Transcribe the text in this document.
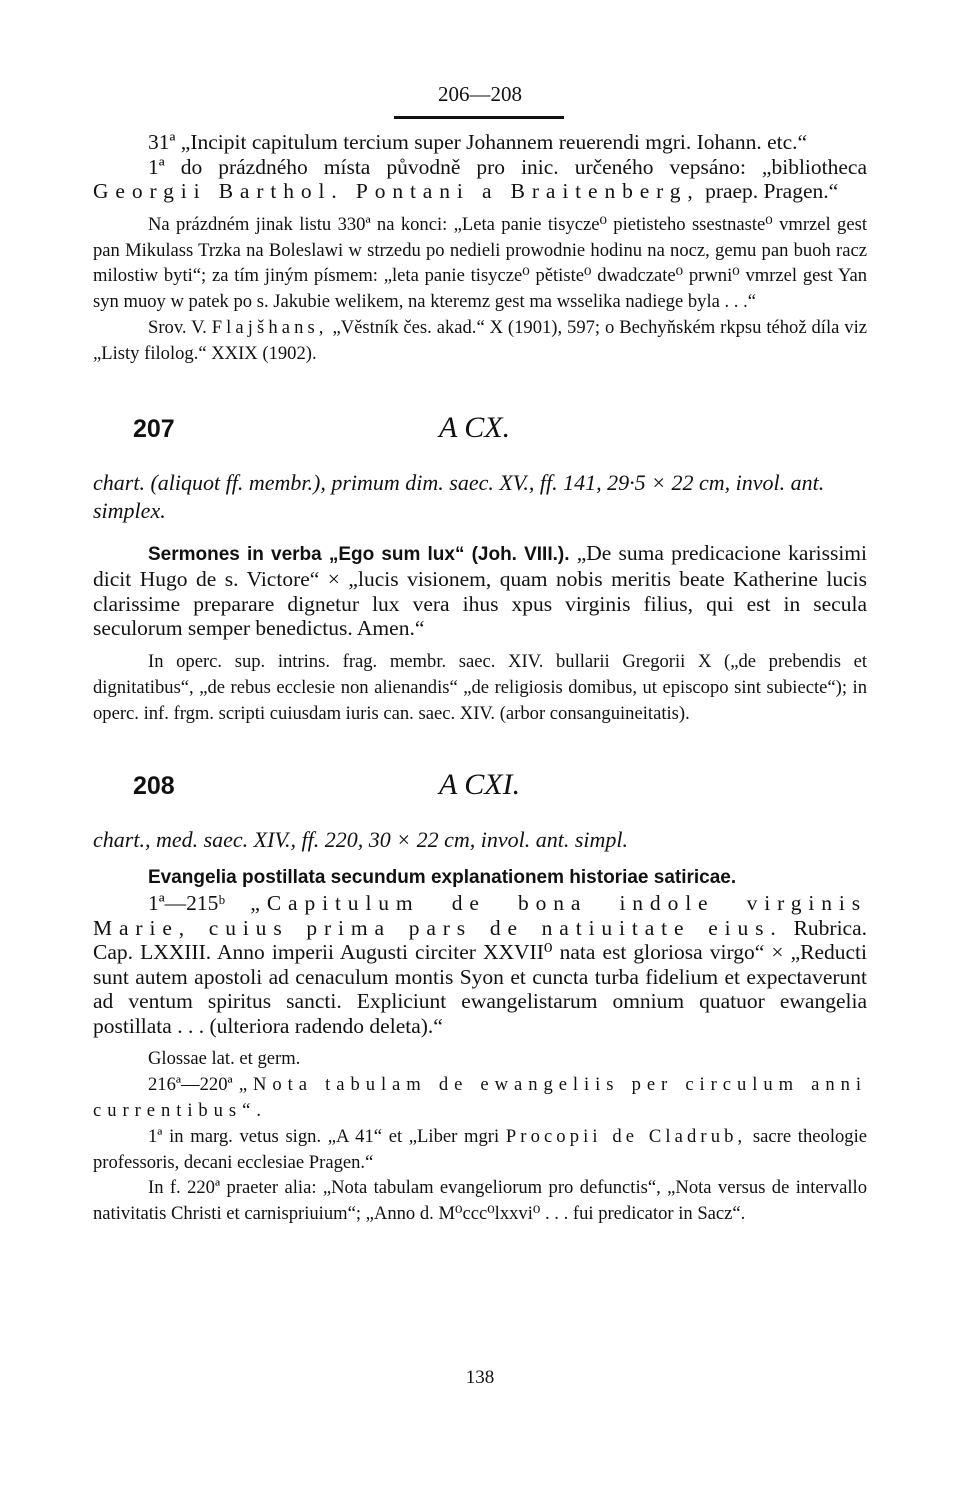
206—208

31ª „Incipit capitulum tercium super Johannem reuerendi mgri. Iohann. etc.“

1ª do prázdného místa původně pro inic. určeného vepsáno: „bibliotheca Georgii Barthol. Pontani a Braitenberg, praep. Pragen.“

Na prázdném jinak listu 330ª na konci: „Leta panie tisycze⁰ pietisteho ssestnaste⁰ vmrzel gest pan Mikulass Trzka na Boleslawi w strzedu po nedieli prowodnie hodinu na nocz, gemu pan buoh racz milostiw byti“; za tím jiným písmem: „leta panie tisycze⁰ pětiste⁰ dwadczate⁰ prwni⁰ vmrzel gest Yan syn muoy w patek po s. Jakubie welikem, na kteremz gest ma wsselika nadiege byla . . .“

Srov. V. Flajšhans, „Věstník čes. akad.“ X (1901), 597; o Bechyňském rkpsu téhož díla viz „Listy filolog.“ XXIX (1902).

207	A CX.

chart. (aliquot ff. membr.), primum dim. saec. XV., ff. 141, 29·5 × 22 cm, invol. ant. simplex.

Sermones in verba „Ego sum lux“ (Joh. VIII.). „De suma predicacione karissimi dicit Hugo de s. Victore“ × „lucis visionem, quam nobis meritis beate Katherine lucis clarissime preparare dignetur lux vera ihus xpus virginis filius, qui est in secula seculorum semper benedictus. Amen.“

In operc. sup. intrins. frag. membr. saec. XIV. bullarii Gregorii X („de prebendis et dignitatibus“, „de rebus ecclesie non alienandis“ „de religiosis domibus, ut episcopo sint subiecte“); in operc. inf. frgm. scripti cuiusdam iuris can. saec. XIV. (arbor consanguineitatis).

208	A CXI.

chart., med. saec. XIV., ff. 220, 30 × 22 cm, invol. ant. simpl.

Evangelia postillata secundum explanationem historiae satiricae.

1ª—215ᵇ „Capitulum de bona indole virginis Marie, cuius prima pars de natiuitate eius. Rubrica. Cap. LXXIII. Anno imperii Augusti circiter XXVII⁰ nata est gloriosa virgo“ × „Reducti sunt autem apostoli ad cenaculum montis Syon et cuncta turba fidelium et expectaverunt ad ventum spiritus sancti. Expliciunt ewangelistarum omnium quatuor ewangelia postillata . . . (ulteriora radendo deleta).“

Glossae lat. et germ.

216ª—220ª „Nota tabulam de ewangeliis per circulum anni currentibus“.

1ª in marg. vetus sign. „A 41“ et „Liber mgri Procopii de Cladrub, sacre theologie professoris, decani ecclesiae Pragen.“

In f. 220ª praeter alia: „Nota tabulam evangeliorum pro defunctis“, „Nota versus de intervallo nativitatis Christi et carnispriuium“; „Anno d. M⁰ccc⁰lxxvi⁰ . . . fui predicator in Sacz“.

138
